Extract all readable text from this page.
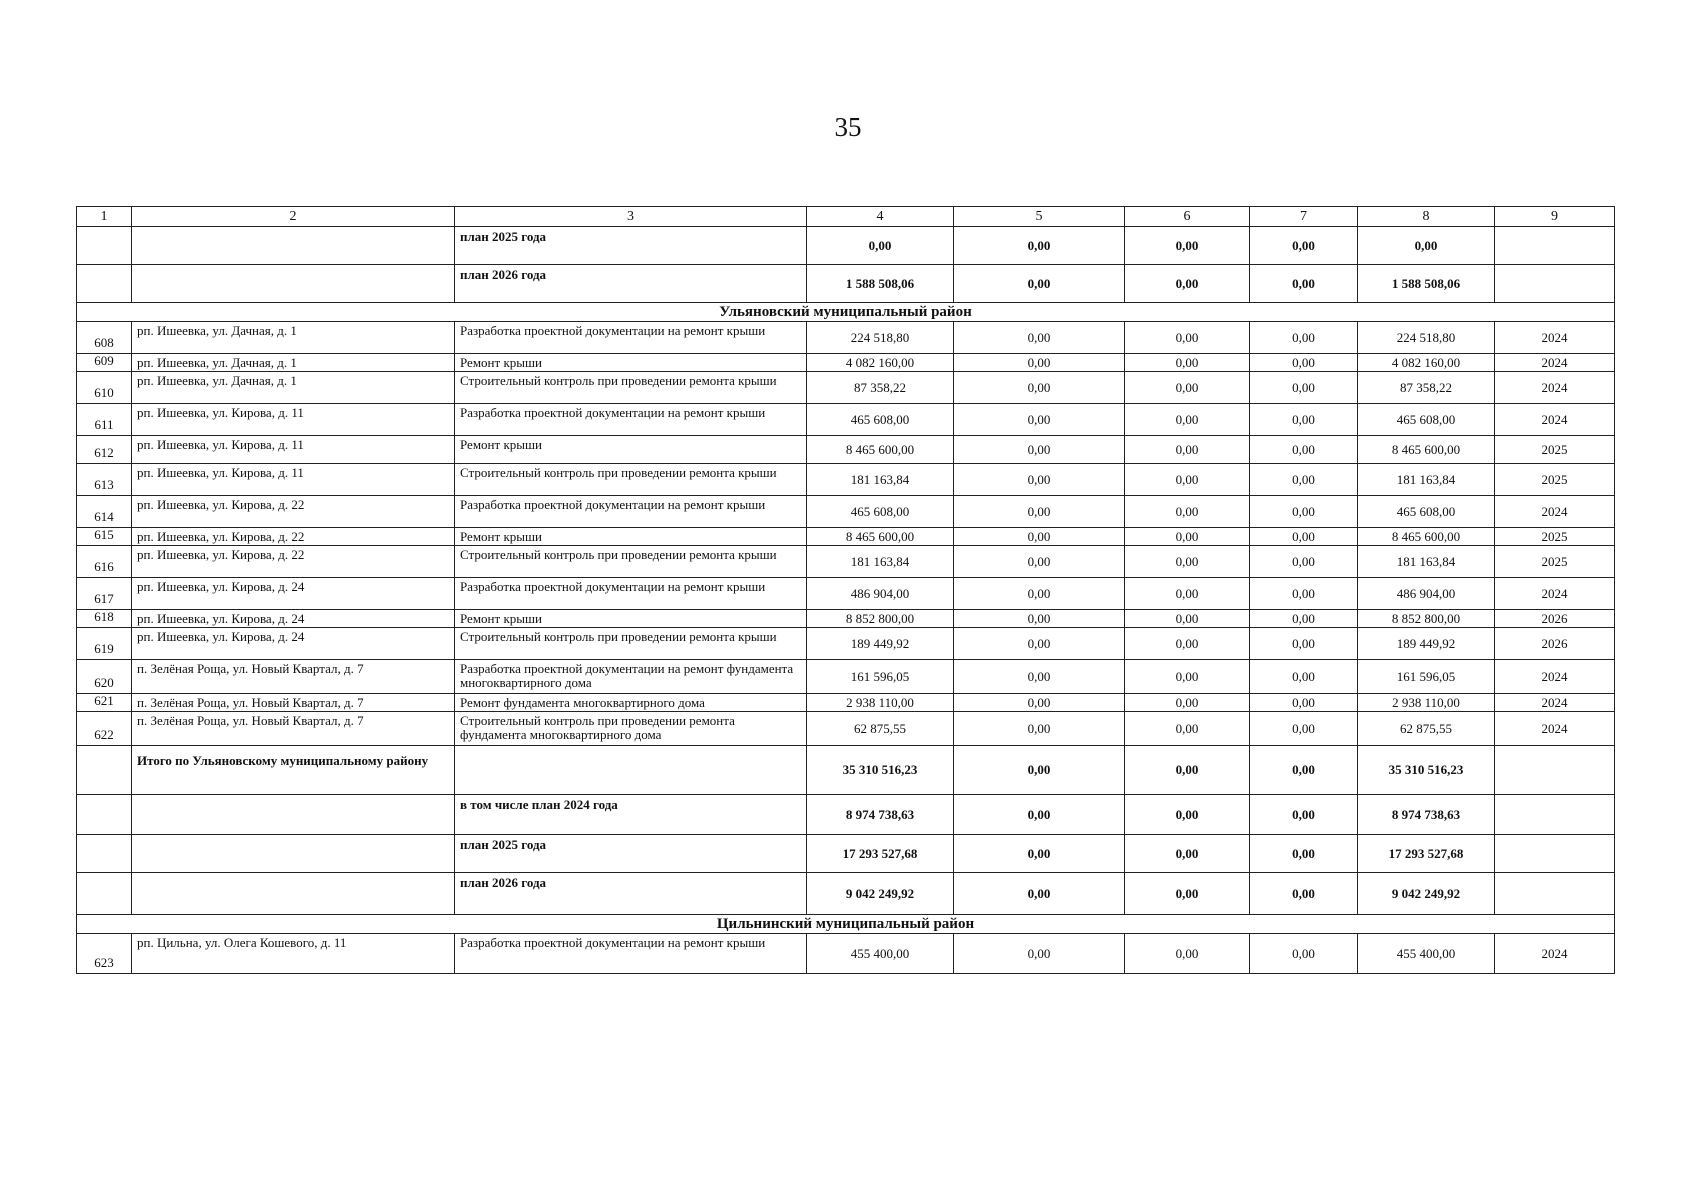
35
1	2	3	4	5	6	7	8	9
		план 2025 года	0,00	0,00	0,00	0,00	0,00	
		план 2026 года	1 588 508,06	0,00	0,00	0,00	1 588 508,06	
Ульяновский муниципальный район								
608	рп. Ишеевка, ул. Дачная, д. 1	Разработка проектной документации на ремонт крыши	224 518,80	0,00	0,00	0,00	224 518,80	2024
609	рп. Ишеевка, ул. Дачная, д. 1	Ремонт крыши	4 082 160,00	0,00	0,00	0,00	4 082 160,00	2024
610	рп. Ишеевка, ул. Дачная, д. 1	Строительный контроль при проведении ремонта крыши	87 358,22	0,00	0,00	0,00	87 358,22	2024
611	рп. Ишеевка, ул. Кирова, д. 11	Разработка проектной документации на ремонт крыши	465 608,00	0,00	0,00	0,00	465 608,00	2024
612	рп. Ишеевка, ул. Кирова, д. 11	Ремонт крыши	8 465 600,00	0,00	0,00	0,00	8 465 600,00	2025
613	рп. Ишеевка, ул. Кирова, д. 11	Строительный контроль при проведении ремонта крыши	181 163,84	0,00	0,00	0,00	181 163,84	2025
614	рп. Ишеевка, ул. Кирова, д. 22	Разработка проектной документации на ремонт крыши	465 608,00	0,00	0,00	0,00	465 608,00	2024
615	рп. Ишеевка, ул. Кирова, д. 22	Ремонт крыши	8 465 600,00	0,00	0,00	0,00	8 465 600,00	2025
616	рп. Ишеевка, ул. Кирова, д. 22	Строительный контроль при проведении ремонта крыши	181 163,84	0,00	0,00	0,00	181 163,84	2025
617	рп. Ишеевка, ул. Кирова, д. 24	Разработка проектной документации на ремонт крыши	486 904,00	0,00	0,00	0,00	486 904,00	2024
618	рп. Ишеевка, ул. Кирова, д. 24	Ремонт крыши	8 852 800,00	0,00	0,00	0,00	8 852 800,00	2026
619	рп. Ишеевка, ул. Кирова, д. 24	Строительный контроль при проведении ремонта крыши	189 449,92	0,00	0,00	0,00	189 449,92	2026
620	п. Зелёная Роща, ул. Новый Квартал, д. 7	Разработка проектной документации на ремонт фундамента многоквартирного дома	161 596,05	0,00	0,00	0,00	161 596,05	2024
621	п. Зелёная Роща, ул. Новый Квартал, д. 7	Ремонт фундамента многоквартирного дома	2 938 110,00	0,00	0,00	0,00	2 938 110,00	2024
622	п. Зелёная Роща, ул. Новый Квартал, д. 7	Строительный контроль при проведении ремонта фундамента многоквартирного дома	62 875,55	0,00	0,00	0,00	62 875,55	2024
	Итого по Ульяновскому муниципальному району		35 310 516,23	0,00	0,00	0,00	35 310 516,23	
		в том числе план 2024 года	8 974 738,63	0,00	0,00	0,00	8 974 738,63	
		план 2025 года	17 293 527,68	0,00	0,00	0,00	17 293 527,68	
		план 2026 года	9 042 249,92	0,00	0,00	0,00	9 042 249,92	
Цильнинский муниципальный район								
623	рп. Цильна, ул. Олега Кошевого, д. 11	Разработка проектной документации на ремонт крыши	455 400,00	0,00	0,00	0,00	455 400,00	2024
